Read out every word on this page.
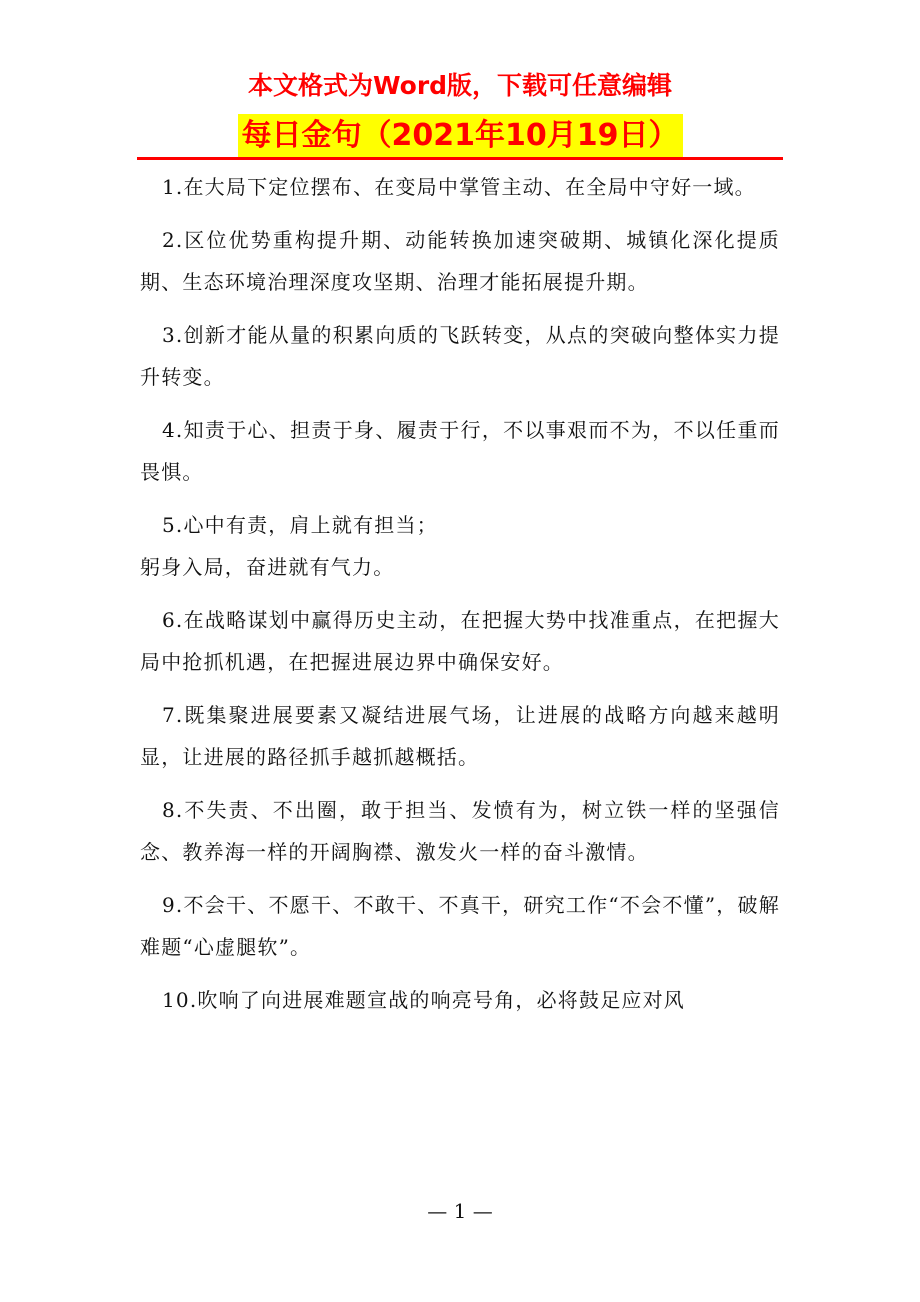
本文格式为Word版，下载可任意编辑
每日金句（2021年10月19日）

1.在大局下定位摆布、在变局中掌管主动、在全局中守好一域。

2.区位优势重构提升期、动能转换加速突破期、城镇化深化提质期、生态环境治理深度攻坚期、治理才能拓展提升期。

3.创新才能从量的积累向质的飞跃转变，从点的突破向整体实力提升转变。

4.知责于心、担责于身、履责于行，不以事艰而不为，不以任重而畏惧。

5.心中有责，肩上就有担当；

躬身入局，奋进就有气力。

6.在战略谋划中赢得历史主动，在把握大势中找准重点，在把握大局中抢抓机遇，在把握进展边界中确保安好。

7.既集聚进展要素又凝结进展气场，让进展的战略方向越来越明显，让进展的路径抓手越抓越概括。

8.不失责、不出圈，敢于担当、发愤有为，树立铁一样的坚强信念、教养海一样的开阔胸襟、激发火一样的奋斗激情。

9.不会干、不愿干、不敢干、不真干，研究工作“不会不懂”，破解难题“心虚腿软”。

10.吹响了向进展难题宣战的响亮号角，必将鼓足应对风

— 1 —
